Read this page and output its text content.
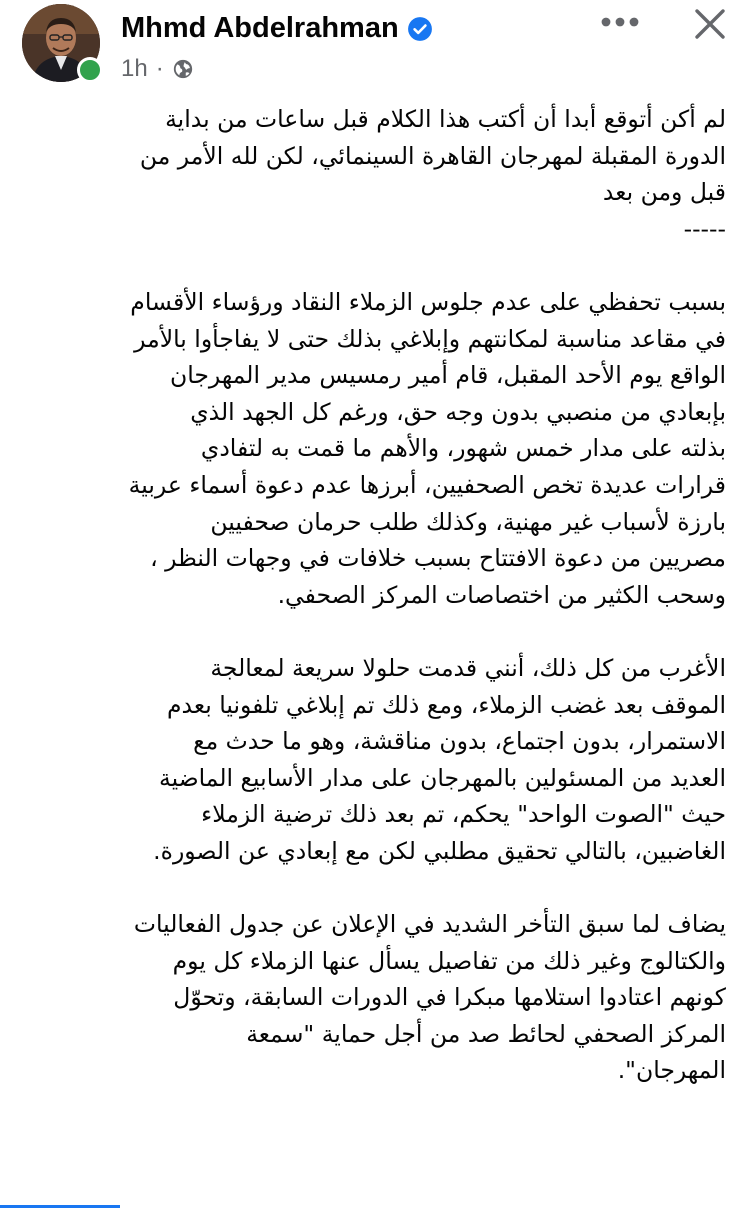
Mhmd Abdelrahman
1h ·

لم أكن أتوقع أبدا أن أكتب هذا الكلام قبل ساعات من بداية

الدورة المقبلة لمهرجان القاهرة السينمائي، لكن لله الأمر من

قبل ومن بعد

-----

بسبب تحفظي على عدم جلوس الزملاء النقاد ورؤساء الأقسام

في مقاعد مناسبة لمكانتهم وإبلاغي بذلك حتى لا يفاجأوا بالأمر

الواقع يوم الأحد المقبل، قام أمير رمسيس مدير المهرجان

بإبعادي من منصبي بدون وجه حق، ورغم كل الجهد الذي

بذلته على مدار خمس شهور، والأهم ما قمت به لتفادي

قرارات عديدة تخص الصحفيين، أبرزها عدم دعوة أسماء عربية

بارزة لأسباب غير مهنية، وكذلك طلب حرمان صحفيين

مصريين من دعوة الافتتاح بسبب خلافات في وجهات النظر ،

وسحب الكثير من اختصاصات المركز الصحفي.

الأغرب من كل ذلك، أنني قدمت حلولا سريعة لمعالجة

الموقف بعد غضب الزملاء، ومع ذلك تم إبلاغي تلفونيا بعدم

الاستمرار، بدون اجتماع، بدون مناقشة، وهو ما حدث مع

العديد من المسئولين بالمهرجان على مدار الأسابيع الماضية

حيث "الصوت الواحد" يحكم، تم بعد ذلك ترضية الزملاء

الغاضبين، بالتالي تحقيق مطلبي لكن مع إبعادي عن الصورة.

يضاف لما سبق التأخر الشديد في الإعلان عن جدول الفعاليات

والكتالوج وغير ذلك من تفاصيل يسأل عنها الزملاء كل يوم

كونهم اعتادوا استلامها مبكرا في الدورات السابقة، وتحوّل

المركز الصحفي لحائط صد من أجل حماية "سمعة

المهرجان".
